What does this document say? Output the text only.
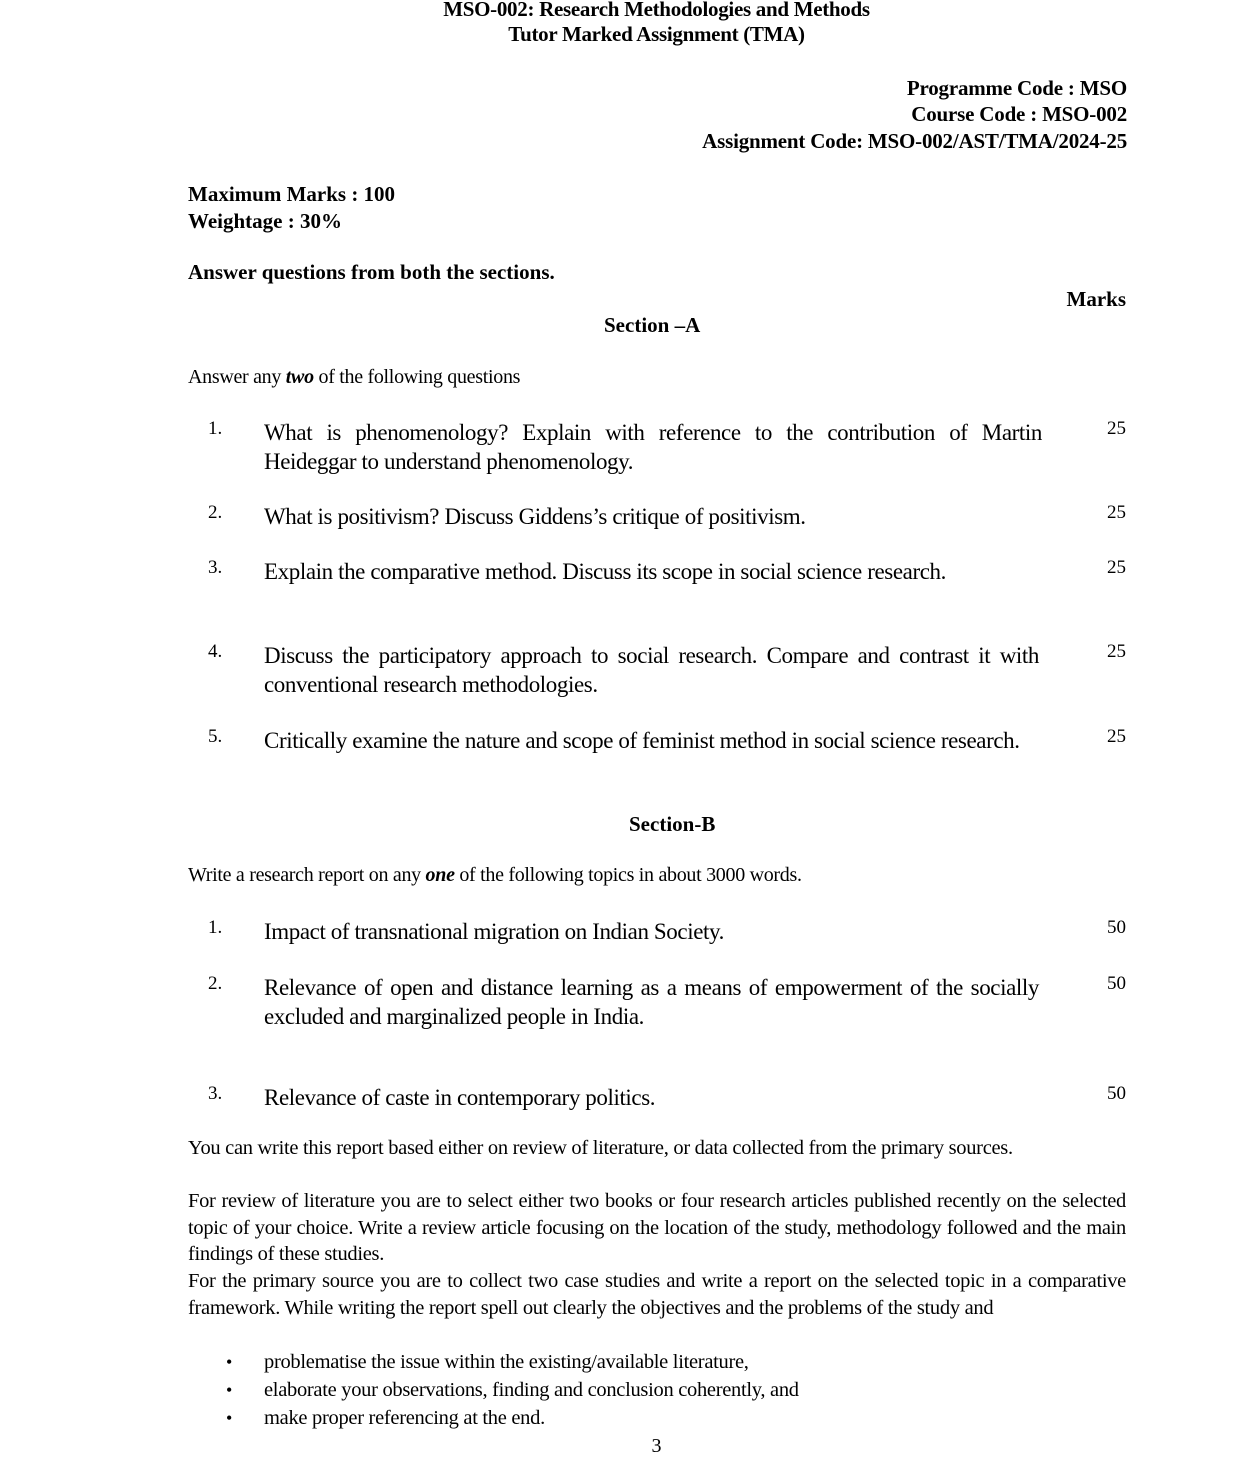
MSO-002: Research Methodologies and Methods
Tutor Marked Assignment (TMA)
Programme Code : MSO
Course Code : MSO-002
Assignment Code: MSO-002/AST/TMA/2024-25
Maximum Marks : 100
Weightage : 30%
Answer questions from both the sections.
Marks
Section –A
Answer any two of the following questions
1. What is phenomenology? Explain with reference to the contribution of Martin Heideggar to understand phenomenology.
25
2. What is positivism? Discuss Giddens’s critique of positivism.	25
3. Explain the comparative method. Discuss its scope in social science research.	25
4. Discuss the participatory approach to social research. Compare and contrast it with conventional research methodologies.
25
5. Critically examine the nature and scope of feminist method in social science research.	25
Section-B
Write a research report on any one of the following topics in about 3000 words.
1. Impact of transnational migration on Indian Society.	50
2. Relevance of open and distance learning as a means of empowerment of the socially excluded and marginalized people in India.
50
3. Relevance of caste in contemporary politics.	50
You can write this report based either on review of literature, or data collected from the primary sources.
For review of literature you are to select either two books or four research articles published recently on the selected topic of your choice. Write a review article focusing on the location of the study, methodology followed and the main findings of these studies.
For the primary source you are to collect two case studies and write a report on the selected topic in a comparative framework. While writing the report spell out clearly the objectives and the problems of the study and
• problematise the issue within the existing/available literature,
• elaborate your observations, finding and conclusion coherently, and
• make proper referencing at the end.
3
